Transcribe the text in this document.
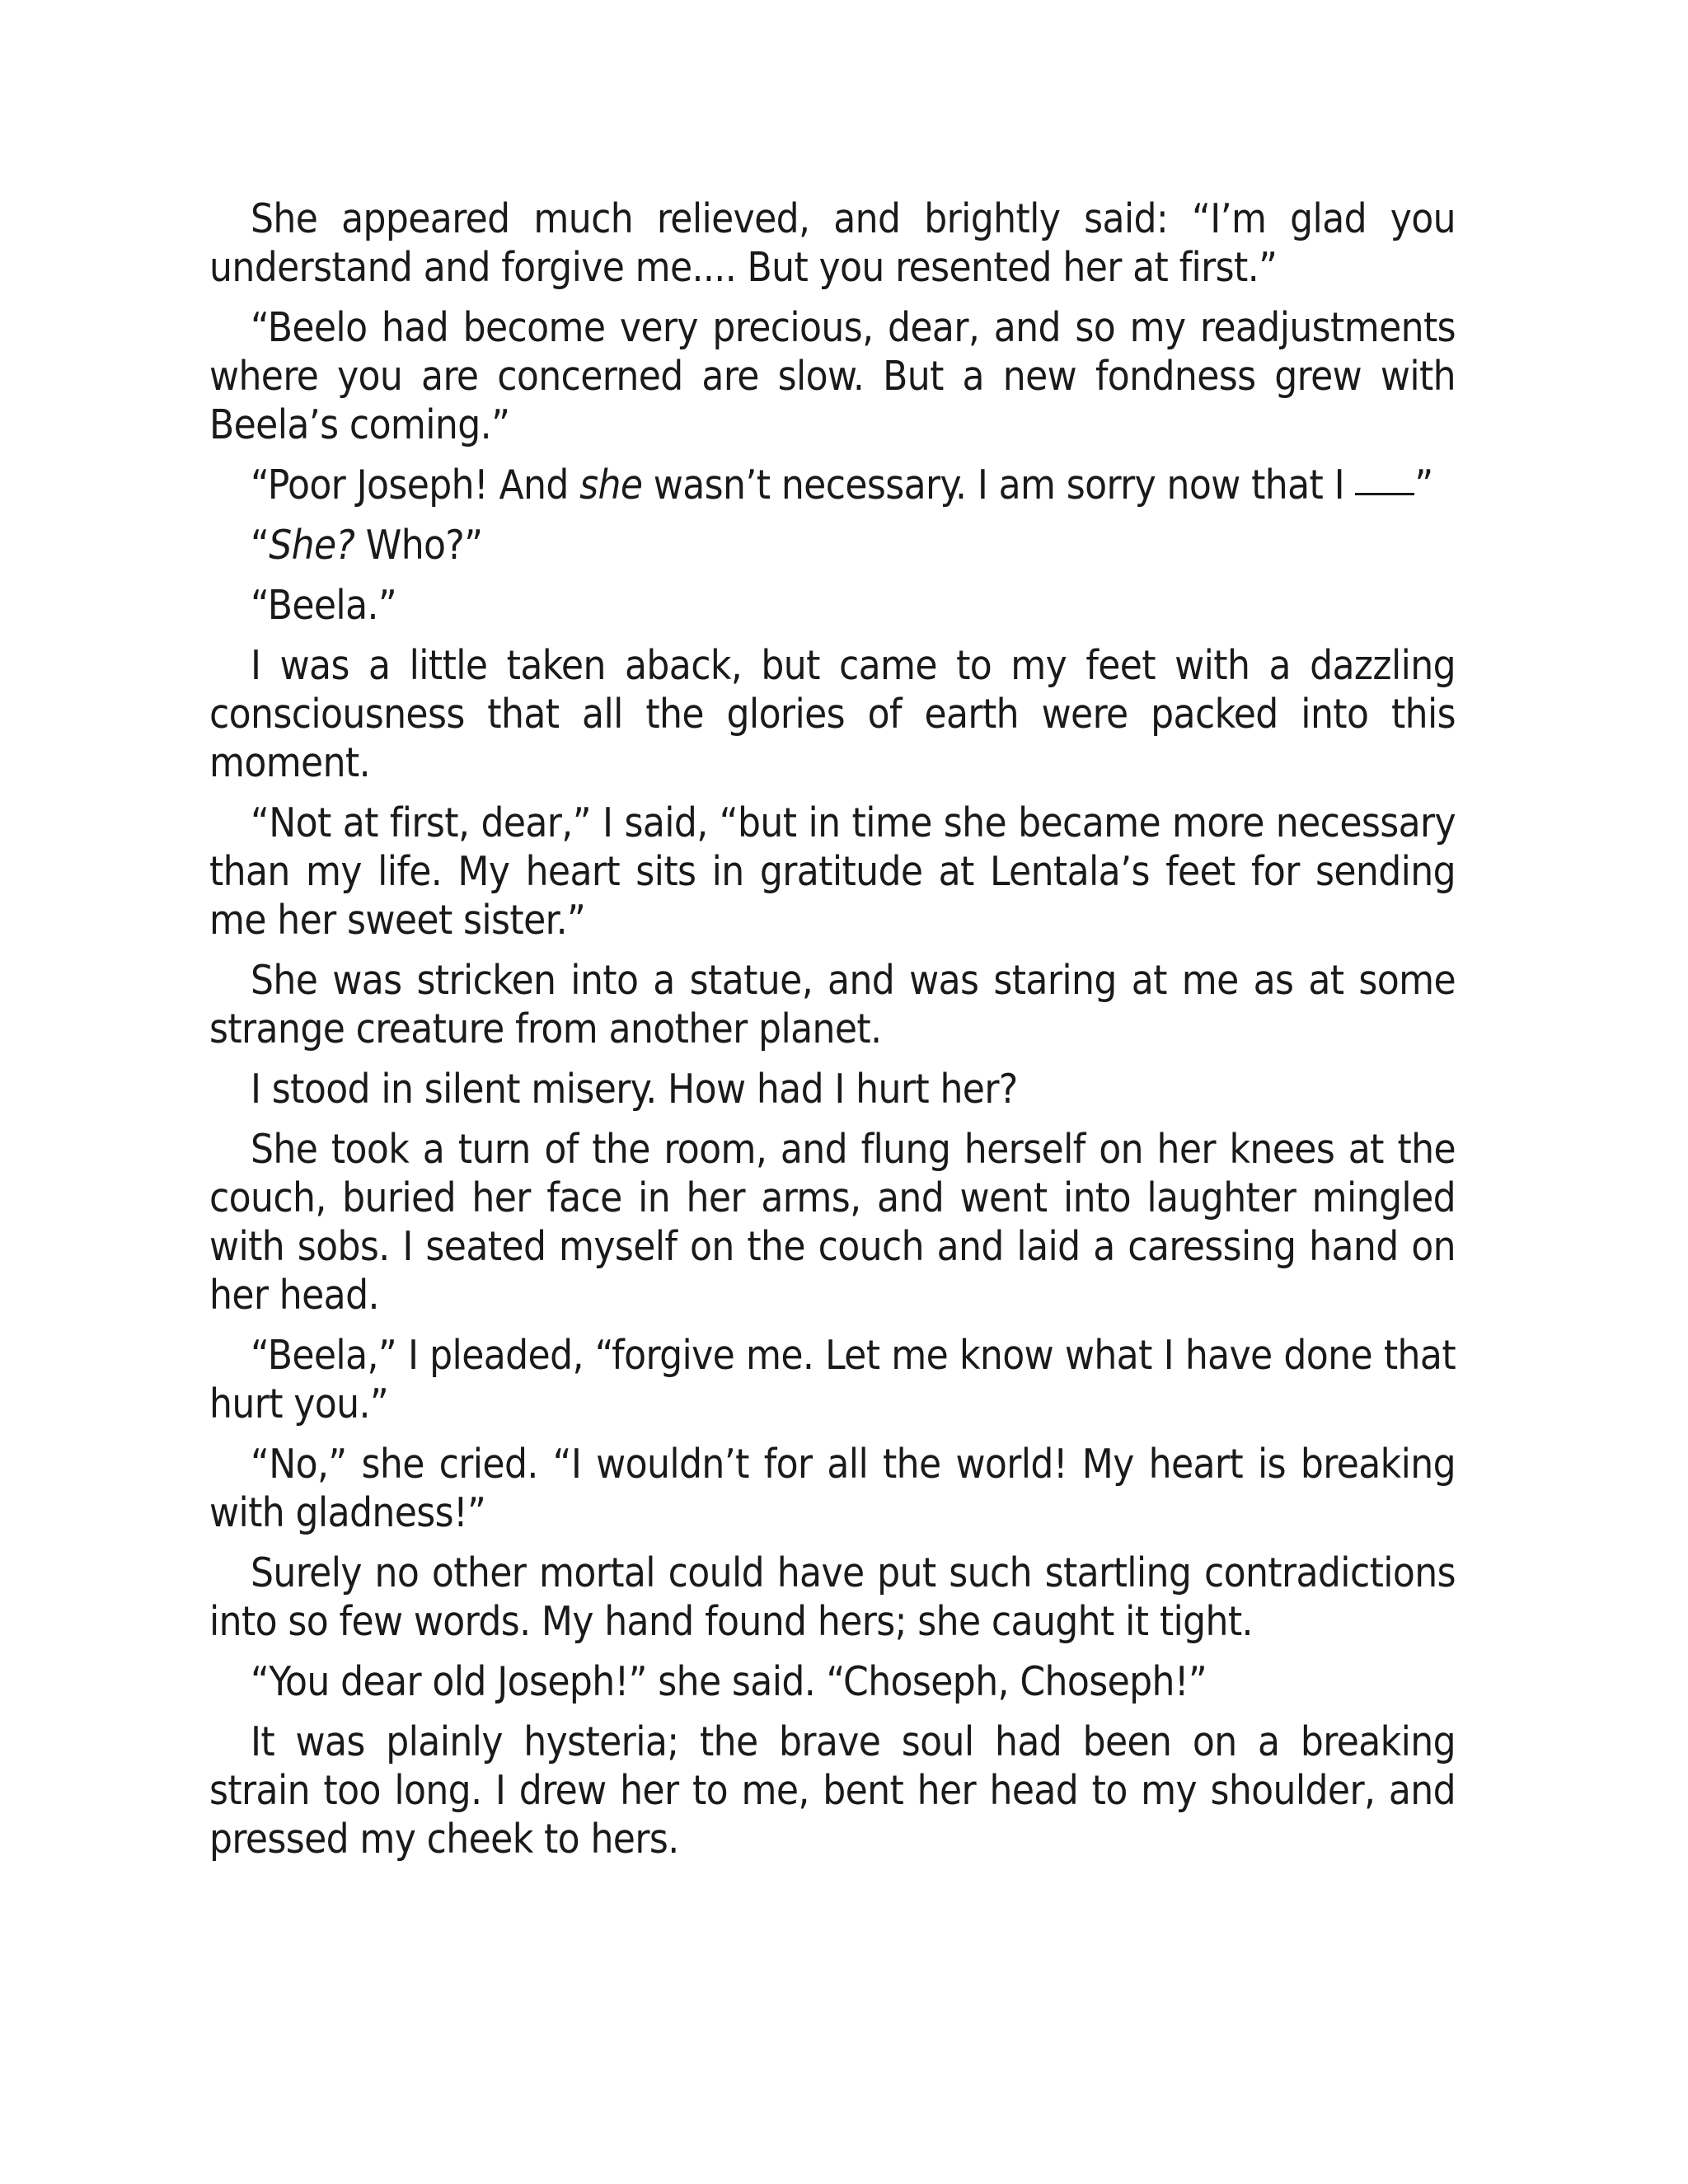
She appeared much relieved, and brightly said: “I’m glad you understand and forgive me.... But you resented her at first.”

“Beelo had become very precious, dear, and so my readjustments where you are concerned are slow. But a new fondness grew with Beela’s coming.”

“Poor Joseph! And she wasn’t necessary. I am sorry now that I ”

“She? Who?”

“Beela.”

I was a little taken aback, but came to my feet with a dazzling consciousness that all the glories of earth were packed into this moment.

“Not at first, dear,” I said, “but in time she became more necessary than my life. My heart sits in gratitude at Lentala’s feet for sending me her sweet sister.”

She was stricken into a statue, and was staring at me as at some strange creature from another planet.

I stood in silent misery. How had I hurt her?

She took a turn of the room, and flung herself on her knees at the couch, buried her face in her arms, and went into laughter mingled with sobs. I seated myself on the couch and laid a caressing hand on her head.

“Beela,” I pleaded, “forgive me. Let me know what I have done that hurt you.”

“No,” she cried. “I wouldn’t for all the world! My heart is breaking with gladness!”

Surely no other mortal could have put such startling contradictions into so few words. My hand found hers; she caught it tight.

“You dear old Joseph!” she said. “Choseph, Choseph!”

It was plainly hysteria; the brave soul had been on a breaking strain too long. I drew her to me, bent her head to my shoulder, and pressed my cheek to hers.
